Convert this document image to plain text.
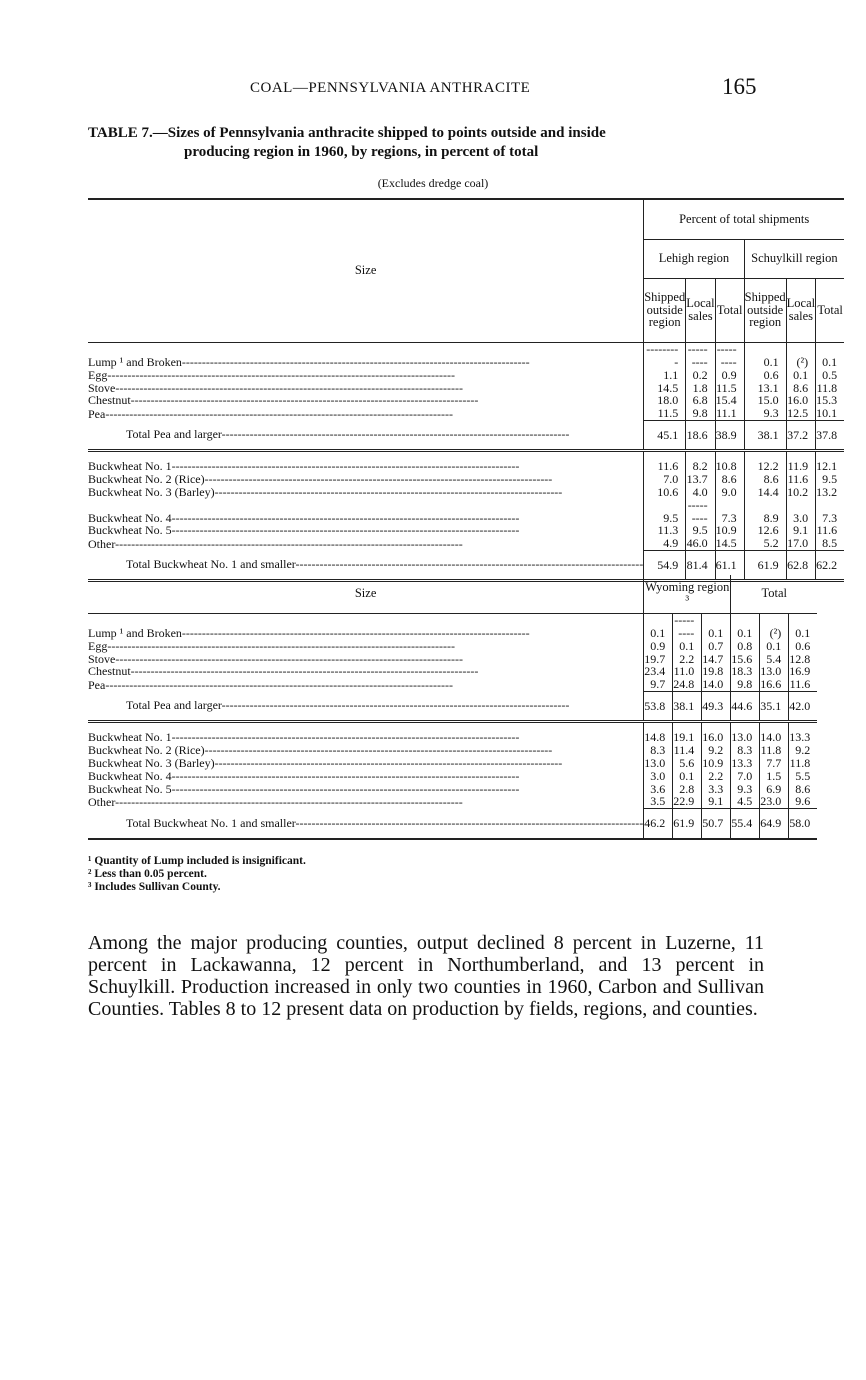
COAL—PENNSYLVANIA ANTHRACITE	165
TABLE 7.—Sizes of Pennsylvania anthracite shipped to points outside and inside
producing region in 1960, by regions, in percent of total
(Excludes dredge coal)
Size	Percent of total shipments					
	Lehigh region			Schuylkill region		
	Shipped outside region	Local sales	Total	Shipped outside region	Local sales	Total
Lump ¹ and Broken -----	---------	---------	---------	0.1	(²)	0.1
Egg -----	1.1	0.2	0.9	0.6	0.1	0.5
Stove -----	14.5	1.8	11.5	13.1	8.6	11.8
Chestnut -----	18.0	6.8	15.4	15.0	16.0	15.3
Pea -----	11.5	9.8	11.1	9.3	12.5	10.1
Total Pea and larger -----	45.1	18.6	38.9	38.1	37.2	37.8
Buckwheat No. 1 -----	11.6	8.2	10.8	12.2	11.9	12.1
Buckwheat No. 2 (Rice) -----	7.0	13.7	8.6	8.6	11.6	9.5
Buckwheat No. 3 (Barley) -----	10.6	4.0	9.0	14.4	10.2	13.2
Buckwheat No. 4 -----	9.5	---------	7.3	8.9	3.0	7.3
Buckwheat No. 5 -----	11.3	9.5	10.9	12.6	9.1	11.6
Other -----	4.9	46.0	14.5	5.2	17.0	8.5
Total Buckwheat No. 1 and smaller -----	54.9	81.4	61.1	61.9	62.8	62.2
Size	Wyoming region ³			Total		
Lump ¹ and Broken -----	0.1	---------	0.1	0.1	(²)	0.1
Egg -----	0.9	0.1	0.7	0.8	0.1	0.6
Stove -----	19.7	2.2	14.7	15.6	5.4	12.8
Chestnut -----	23.4	11.0	19.8	18.3	13.0	16.9
Pea -----	9.7	24.8	14.0	9.8	16.6	11.6
Total Pea and larger -----	53.8	38.1	49.3	44.6	35.1	42.0
Buckwheat No. 1 -----	14.8	19.1	16.0	13.0	14.0	13.3
Buckwheat No. 2 (Rice) -----	8.3	11.4	9.2	8.3	11.8	9.2
Buckwheat No. 3 (Barley) -----	13.0	5.6	10.9	13.3	7.7	11.8
Buckwheat No. 4 -----	3.0	0.1	2.2	7.0	1.5	5.5
Buckwheat No. 5 -----	3.6	2.8	3.3	9.3	6.9	8.6
Other -----	3.5	22.9	9.1	4.5	23.0	9.6
Total Buckwheat No. 1 and smaller -----	46.2	61.9	50.7	55.4	64.9	58.0
¹ Quantity of Lump included is insignificant.
² Less than 0.05 percent.
³ Includes Sullivan County.
Among the major producing counties, output declined 8 percent in Luzerne, 11 percent in Lackawanna, 12 percent in Northumberland, and 13 percent in Schuylkill. Production increased in only two counties in 1960, Carbon and Sullivan Counties. Tables 8 to 12 present data on production by fields, regions, and counties.
